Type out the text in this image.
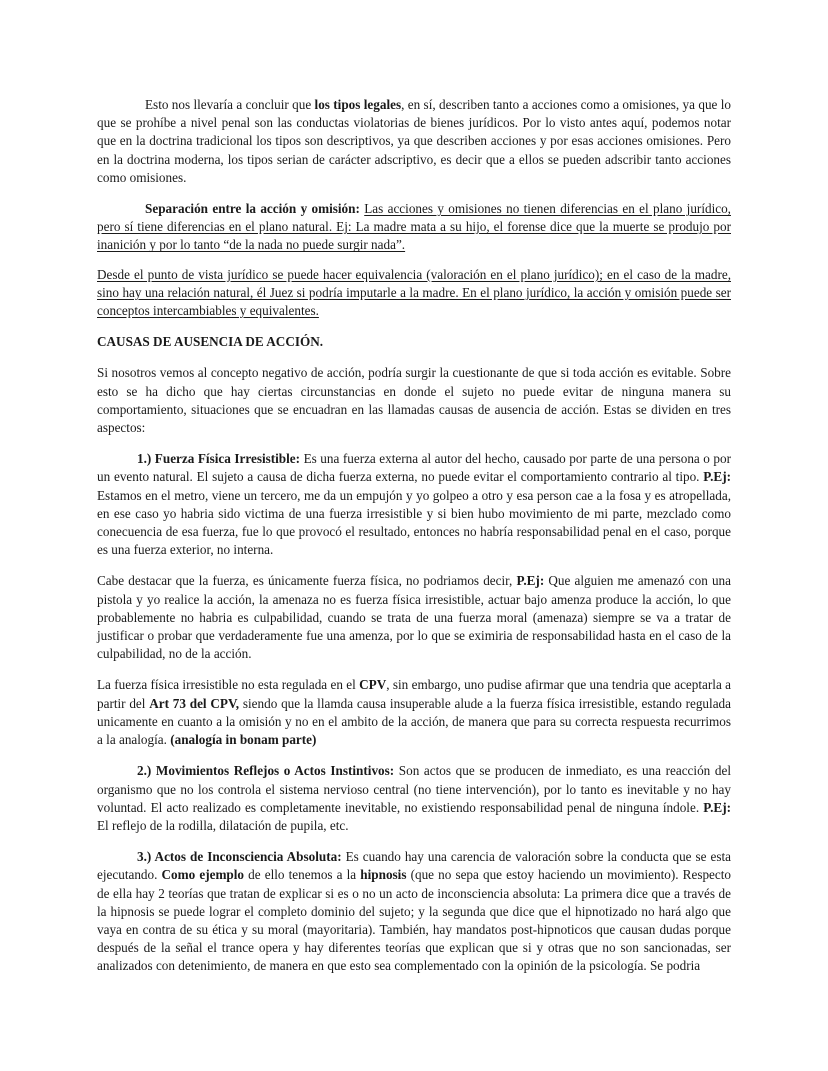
Esto nos llevaría a concluir que los tipos legales, en sí, describen tanto a acciones como a omisiones, ya que lo que se prohíbe a nivel penal son las conductas violatorias de bienes jurídicos. Por lo visto antes aquí, podemos notar que en la doctrina tradicional los tipos son descriptivos, ya que describen acciones y por esas acciones omisiones. Pero en la doctrina moderna, los tipos serian de carácter adscriptivo, es decir que a ellos se pueden adscribir tanto acciones como omisiones.

Separación entre la acción y omisión: Las acciones y omisiones no tienen diferencias en el plano jurídico, pero sí tiene diferencias en el plano natural. Ej: La madre mata a su hijo, el forense dice que la muerte se produjo por inanición y por lo tanto “de la nada no puede surgir nada”.

Desde el punto de vista jurídico se puede hacer equivalencia (valoración en el plano jurídico); en el caso de la madre, sino hay una relación natural, él Juez si podría imputarle a la madre. En el plano jurídico, la acción y omisión puede ser conceptos intercambiables y equivalentes.

CAUSAS DE AUSENCIA DE ACCIÓN.

Si nosotros vemos al concepto negativo de acción, podría surgir la cuestionante de que si toda acción es evitable. Sobre esto se ha dicho que hay ciertas circunstancias en donde el sujeto no puede evitar de ninguna manera su comportamiento, situaciones que se encuadran en las llamadas causas de ausencia de acción. Estas se dividen en tres aspectos:

1.) Fuerza Física Irresistible: Es una fuerza externa al autor del hecho, causado por parte de una persona o por un evento natural. El sujeto a causa de dicha fuerza externa, no puede evitar el comportamiento contrario al tipo. P.Ej: Estamos en el metro, viene un tercero, me da un empujón y yo golpeo a otro y esa person cae a la fosa y es atropellada, en ese caso yo habria sido victima de una fuerza irresistible y si bien hubo movimiento de mi parte, mezclado como conecuencia de esa fuerza, fue lo que provocó el resultado, entonces no habría responsabilidad penal en el caso, porque es una fuerza exterior, no interna.

Cabe destacar que la fuerza, es únicamente fuerza física, no podriamos decir, P.Ej: Que alguien me amenazó con una pistola y yo realice la acción, la amenaza no es fuerza física irresistible, actuar bajo amenza produce la acción, lo que probablemente no habria es culpabilidad, cuando se trata de una fuerza moral (amenaza) siempre se va a tratar de justificar o probar que verdaderamente fue una amenza, por lo que se eximiria de responsabilidad hasta en el caso de la culpabilidad, no de la acción.

La fuerza física irresistible no esta regulada en el CPV, sin embargo, uno pudise afirmar que una tendria que aceptarla a partir del Art 73 del CPV, siendo que la llamda causa insuperable alude a la fuerza física irresistible, estando regulada unicamente en cuanto a la omisión y no en el ambito de la acción, de manera que para su correcta respuesta recurrimos a la analogía. (analogía in bonam parte)

2.) Movimientos Reflejos o Actos Instintivos: Son actos que se producen de inmediato, es una reacción del organismo que no los controla el sistema nervioso central (no tiene intervención), por lo tanto es inevitable y no hay voluntad. El acto realizado es completamente inevitable, no existiendo responsabilidad penal de ninguna índole. P.Ej: El reflejo de la rodilla, dilatación de pupila, etc.

3.) Actos de Inconsciencia Absoluta: Es cuando hay una carencia de valoración sobre la conducta que se esta ejecutando. Como ejemplo de ello tenemos a la hipnosis (que no sepa que estoy haciendo un movimiento). Respecto de ella hay 2 teorías que tratan de explicar si es o no un acto de inconsciencia absoluta: La primera dice que a través de la hipnosis se puede lograr el completo dominio del sujeto; y la segunda que dice que el hipnotizado no hará algo que vaya en contra de su ética y su moral (mayoritaria). También, hay mandatos post-hipnoticos que causan dudas porque después de la señal el trance opera y hay diferentes teorías que explican que si y otras que no son sancionadas, ser analizados con detenimiento, de manera en que esto sea complementado con la opinión de la psicología. Se podria
